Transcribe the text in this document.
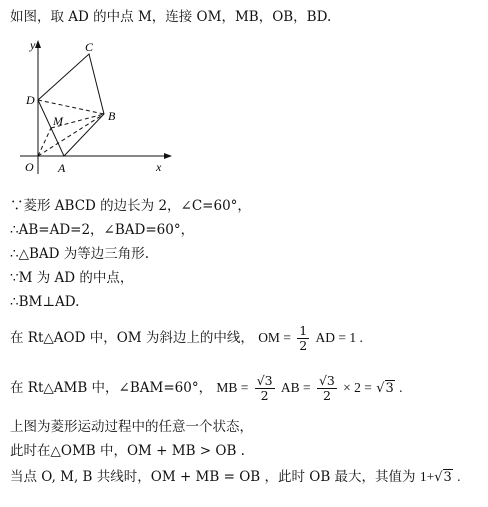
如图，取 AD 的中点 M，连接 OM，MB，OB，BD.
y
x
O A
B
C
D
M
∵菱形 ABCD 的边长为 2，∠C=60°，
∴AB=AD=2，∠BAD=60°，
∴△BAD 为等边三角形.
∵M 为 AD 的中点，
∴BM⊥AD.
在 Rt△AOD 中，OM 为斜边上的中线， OM = $\frac{1}{2}$ AD = 1 .
在 Rt△AMB 中，∠BAM=60°， MB = $\frac{√3}{2}$ AB = $\frac{√3}{2} \times 2 = √3$ .
上图为菱形运动过程中的任意一个状态，
此时在△OMB 中，OM + MB > OB .
当点 O, M, B 共线时，OM + MB = OB ，此时 OB 最大，其值为 1+√3 .
